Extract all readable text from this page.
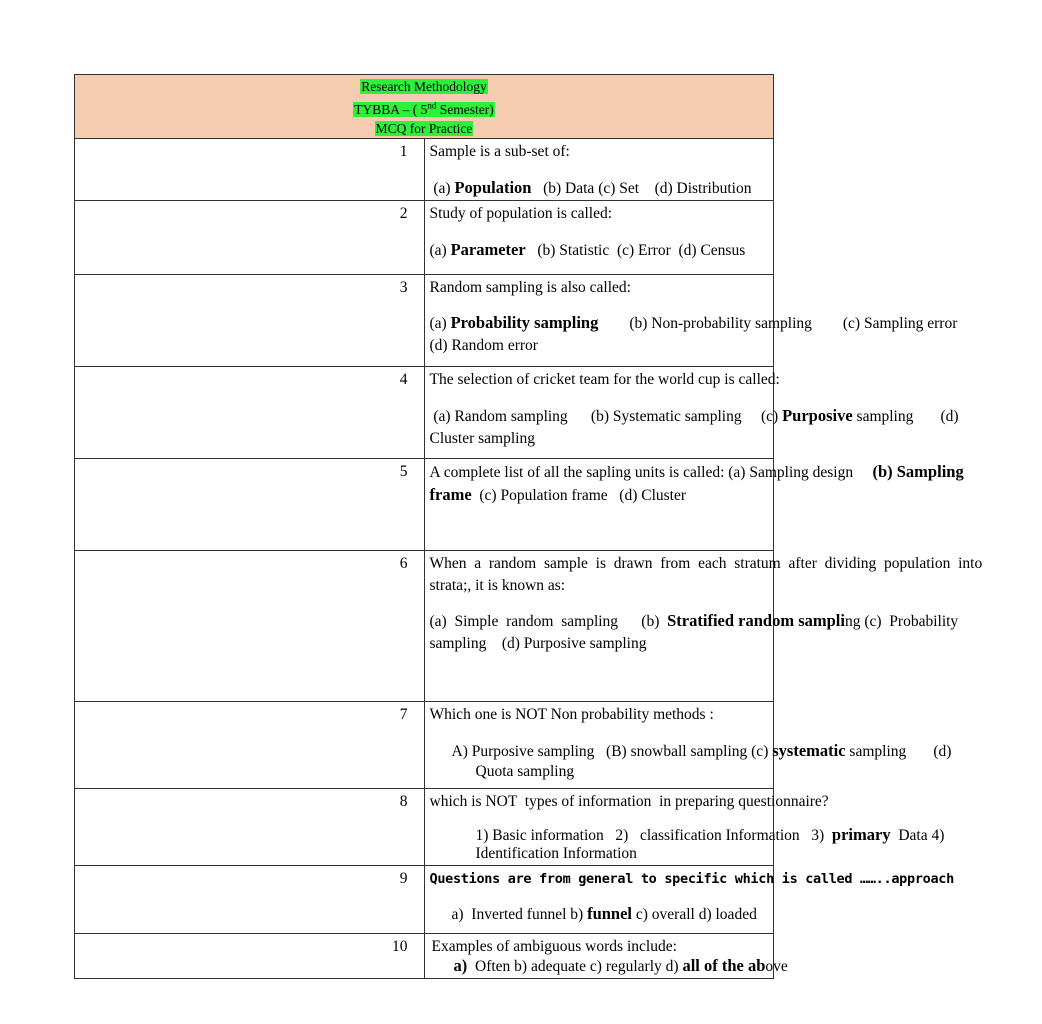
Research Methodology
TYBBA – ( 5nd Semester)
MCQ for Practice	

1	Sample is a sub-set of:
(a) Population   (b) Data (c) Set    (d) Distribution

2	Study of population is called:
(a) Parameter   (b) Statistic  (c) Error  (d) Census

3	Random sampling is also called:
(a) Probability sampling        (b) Non-probability sampling        (c) Sampling error
(d) Random error

4	The selection of cricket team for the world cup is called:
(a) Random sampling      (b) Systematic sampling     (c) Purposive sampling       (d)
Cluster sampling

5	A complete list of all the sapling units is called: (a) Sampling design     (b) Sampling
frame  (c) Population frame   (d) Cluster

6	When  a  random  sample  is  drawn  from  each  stratum  after  dividing  population  into
strata;, it is known as:
(a)  Simple  random  sampling      (b)  Stratified random sampling (c)  Probability
sampling    (d) Purposive sampling

7	Which one is NOT Non probability methods :
A) Purposive sampling   (B) snowball sampling (c) systematic sampling       (d)
Quota sampling

8	which is NOT  types of information  in preparing questionnaire?
1) Basic information   2)   classification Information   3)  primary  Data 4)
Identification Information

9	Questions are from general to specific which is called ……..approach
a)  Inverted funnel b) funnel c) overall d) loaded

10	Examples of ambiguous words include:
a)  Often b) adequate c) regularly d) all of the above
